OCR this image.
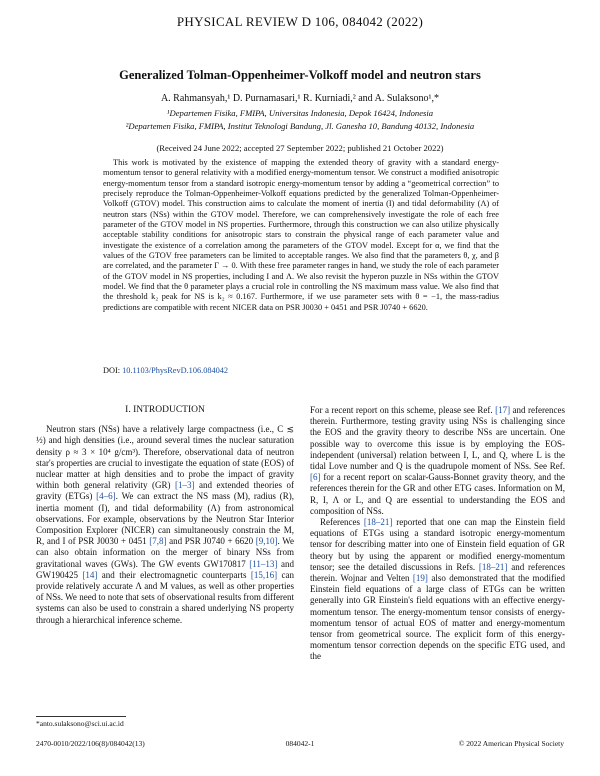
PHYSICAL REVIEW D 106, 084042 (2022)
Generalized Tolman-Oppenheimer-Volkoff model and neutron stars
A. Rahmansyah,¹ D. Purnamasari,¹ R. Kurniadi,² and A. Sulaksono¹,*
¹Departemen Fisika, FMIPA, Universitas Indonesia, Depok 16424, Indonesia
²Departemen Fisika, FMIPA, Institut Teknologi Bandung, Jl. Ganesha 10, Bandung 40132, Indonesia
(Received 24 June 2022; accepted 27 September 2022; published 21 October 2022)
This work is motivated by the existence of mapping the extended theory of gravity with a standard energy-momentum tensor to general relativity with a modified energy-momentum tensor. We construct a modified anisotropic energy-momentum tensor from a standard isotropic energy-momentum tensor by adding a “geometrical correction” to precisely reproduce the Tolman-Oppenheimer-Volkoff equations predicted by the generalized Tolman-Oppenheimer-Volkoff (GTOV) model. This construction aims to calculate the moment of inertia (I) and tidal deformability (Λ) of neutron stars (NSs) within the GTOV model. Therefore, we can comprehensively investigate the role of each free parameter of the GTOV model in NS properties. Furthermore, through this construction we can also utilize physically acceptable stability conditions for anisotropic stars to constrain the physical range of each parameter value and investigate the existence of a correlation among the parameters of the GTOV model. Except for α, we find that the values of the GTOV free parameters can be limited to acceptable ranges. We also find that the parameters θ, χ, and β are correlated, and the parameter Γ → 0. With these free parameter ranges in hand, we study the role of each parameter of the GTOV model in NS properties, including I and Λ. We also revisit the hyperon puzzle in NSs within the GTOV model. We find that the θ parameter plays a crucial role in controlling the NS maximum mass value. We also find that the threshold k₂ peak for NS is k₂ ≈ 0.167. Furthermore, if we use parameter sets with θ = −1, the mass-radius predictions are compatible with recent NICER data on PSR J0030 + 0451 and PSR J0740 + 6620.
DOI: 10.1103/PhysRevD.106.084042
I. INTRODUCTION

Neutron stars (NSs) have a relatively large compactness (i.e., C ≲ ½) and high densities (i.e., around several times the nuclear saturation density ρ ≈ 3 × 10⁴ g/cm³). Therefore, observational data of neutron star's properties are crucial to investigate the equation of state (EOS) of nuclear matter at high densities and to probe the impact of gravity within both general relativity (GR) [1–3] and extended theories of gravity (ETGs) [4–6]. We can extract the NS mass (M), radius (R), inertia moment (I), and tidal deformability (Λ) from astronomical observations. For example, observations by the Neutron Star Interior Composition Explorer (NICER) can simultaneously constrain the M, R, and I of PSR J0030 + 0451 [7,8] and PSR J0740 + 6620 [9,10]. We can also obtain information on the merger of binary NSs from gravitational waves (GWs). The GW events GW170817 [11–13] and GW190425 [14] and their electromagnetic counterparts [15,16] can provide relatively accurate Λ and M values, as well as other properties of NSs. We need to note that sets of observational results from different systems can also be used to constrain a shared underlying NS property through a hierarchical inference scheme.

For a recent report on this scheme, please see Ref. [17] and references therein. Furthermore, testing gravity using NSs is challenging since the EOS and the gravity theory to describe NSs are uncertain. One possible way to overcome this issue is by employing the EOS-independent (universal) relation between I, L, and Q, where L is the tidal Love number and Q is the quadrupole moment of NSs. See Ref. [6] for a recent report on scalar-Gauss-Bonnet gravity theory, and the references therein for the GR and other ETG cases. Information on M, R, I, Λ or L, and Q are essential to understanding the EOS and composition of NSs.

References [18–21] reported that one can map the Einstein field equations of ETGs using a standard isotropic energy-momentum tensor for describing matter into one of Einstein field equation of GR theory but by using the apparent or modified energy-momentum tensor; see the detailed discussions in Refs. [18–21] and references therein. Wojnar and Velten [19] also demonstrated that the modified Einstein field equations of a large class of ETGs can be written generally into GR Einstein's field equations with an effective energy-momentum tensor. The energy-momentum tensor consists of energy-momentum tensor of actual EOS of matter and energy-momentum tensor from geometrical source. The explicit form of this energy-momentum tensor correction depends on the specific ETG used, and the

*anto.sulaksono@sci.ui.ac.id
2470-0010/2022/106(8)/084042(13)	084042-1	© 2022 American Physical Society
